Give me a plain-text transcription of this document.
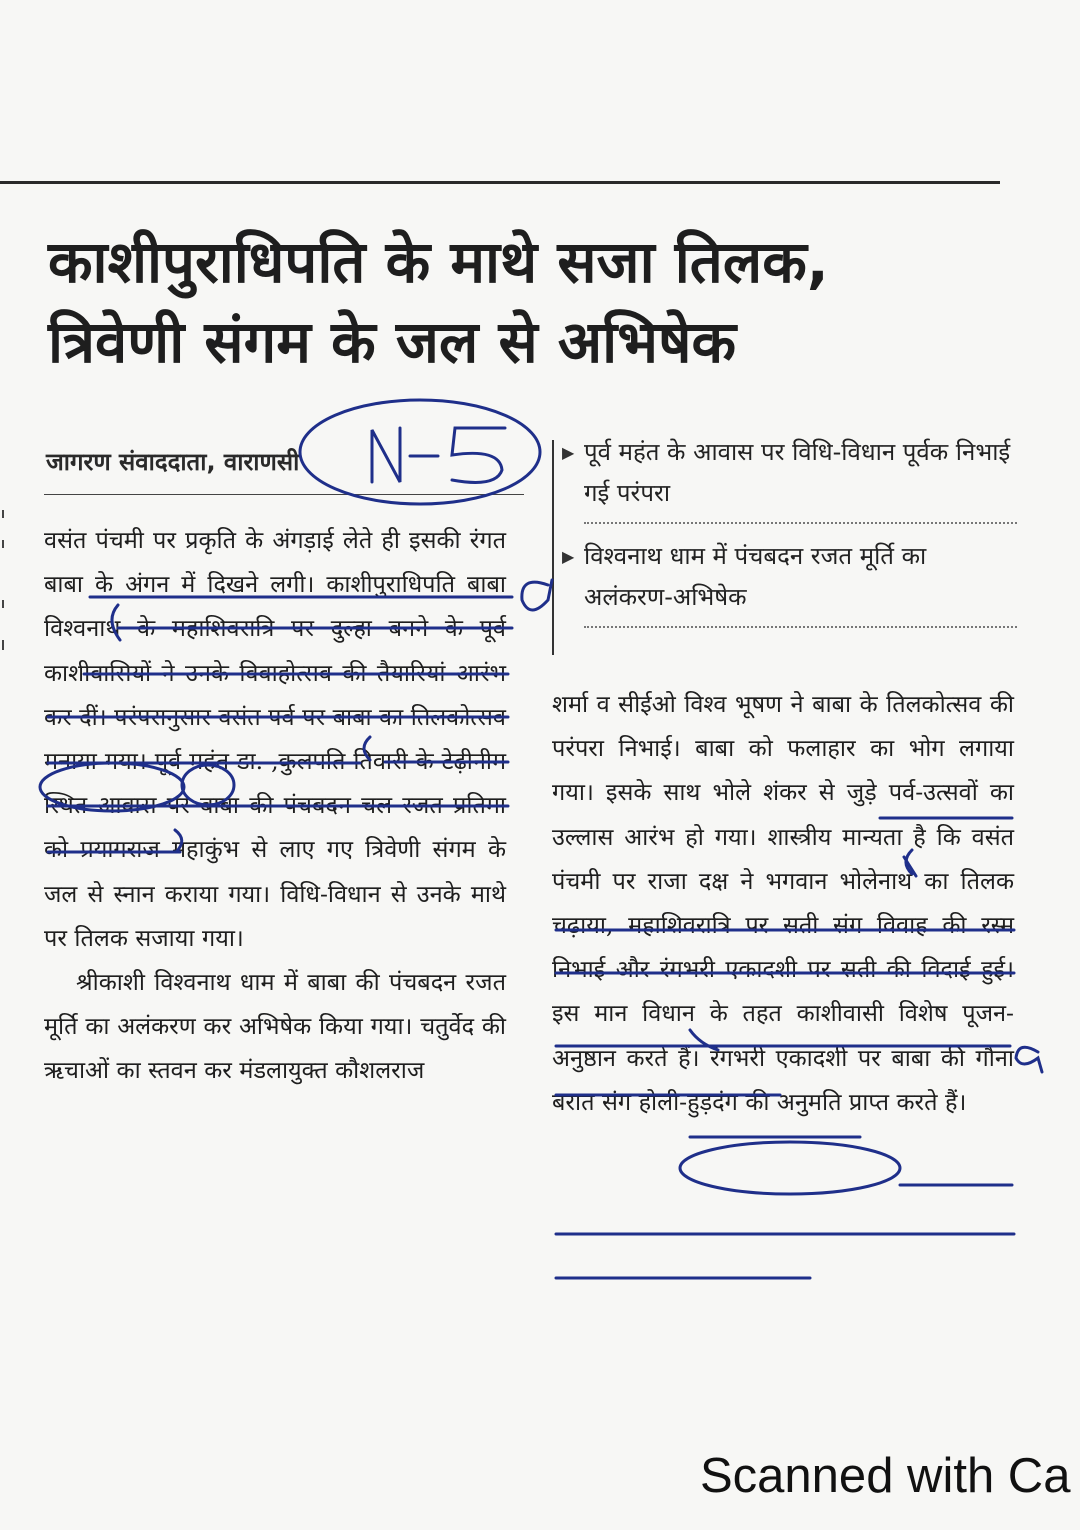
काशीपुराधिपति के माथे सजा तिलक,
त्रिवेणी संगम के जल से अभिषेक
जागरण संवाददाता, वाराणसी	▶ पूर्व महंत के आवास पर विधि-विधान पूर्वक निभाई गई परंपरा
▶ विश्वनाथ धाम में पंचबदन रजत मूर्ति का अलंकरण-अभिषेक

वसंत पंचमी पर प्रकृति के अंगड़ाई लेते ही इसकी रंगत बाबा के अंगन में दिखने लगी। काशीपुराधिपति बाबा विश्वनाथ के महाशिवरात्रि पर दुल्हा बनने के पूर्व काशीवासियों ने उनके विवाहोत्सव की तैयारियां आरंभ कर दीं। परंपरानुसार वसंत पर्व पर बाबा का तिलकोत्सव मनाया गया। पूर्व महंत डा. ,कुलपति तिवारी के टेढ़ीनीम स्थित आवास पर बाबा की पंचबदन चल रजत प्रतिमा को प्रयागराज महाकुंभ से लाए गए त्रिवेणी संगम के जल से स्नान कराया गया। विधि-विधान से उनके माथे पर तिलक सजाया गया।

श्रीकाशी विश्वनाथ धाम में बाबा की पंचबदन रजत मूर्ति का अलंकरण कर अभिषेक किया गया। चतुर्वेद की ऋचाओं का स्तवन कर मंडलायुक्त कौशलराज

शर्मा व सीईओ विश्व भूषण ने बाबा के तिलकोत्सव की परंपरा निभाई। बाबा को फलाहार का भोग लगाया गया। इसके साथ भोले शंकर से जुड़े पर्व-उत्सवों का उल्लास आरंभ हो गया। शास्त्रीय मान्यता है कि वसंत पंचमी पर राजा दक्ष ने भगवान भोलेनाथ का तिलक चढ़ाया, महाशिवरात्रि पर सती संग विवाह की रस्म निभाई और रंगभरी एकादशी पर सती की विदाई हुई। इस मान विधान के तहत काशीवासी विशेष पूजन-अनुष्ठान करते हैं। रंगभरी एकादशी पर बाबा की गौना बरात संग होली-हुड़दंग की अनुमति प्राप्त करते हैं।

Scanned with Ca
